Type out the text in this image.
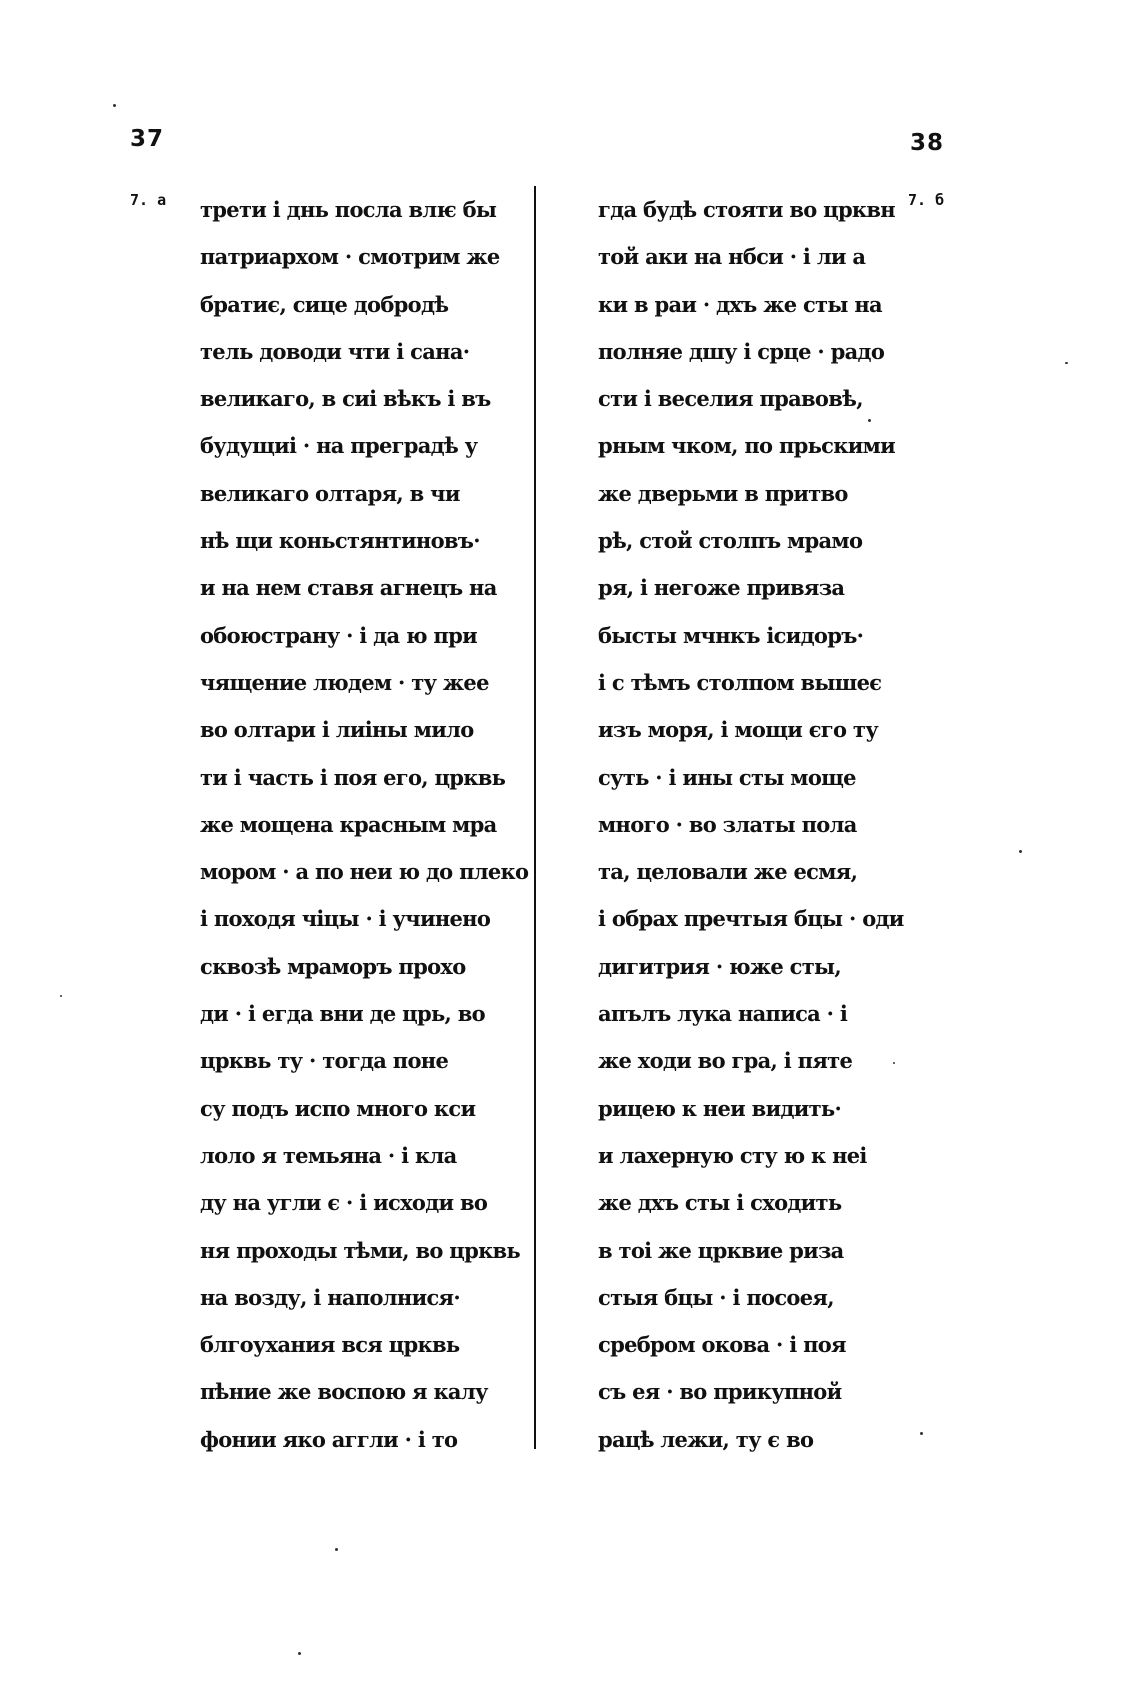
37	38
7. а	7. б
трети і днь посла влѥ бы
патриархом · смотрим же
братиє, сице добродѣ
тель доводи чти і сана·
великаго, в сиі вѣкъ і въ
будущиі · на преградѣ у
великаго олтаря, в чи
нѣ щи коньстянтиновъ·
и на нем ставя агнецъ на
обоюстрану · і да ю при
чящение людем · ту жее
во олтари і лиіны мило
ти і часть і поя его, црквь
же мощена красным мра
мором · а по неи ю до плеко
і походя чіцы · і учинено
сквозѣ мраморъ прохо
ди · і егда вни де црь, во
црквь ту · тогда поне
су подъ испо много кси
лоло я темьяна · і кла
ду на угли є · і исходи во
ня проходы тѣми, во црквь
на возду, і наполнися·
блгоухания вся црквь
пѣние же воспою я калу
фонии яко аггли · і то
гда будѣ стояти во црквн
той аки на нбси · і ли а
ки в раи · дхъ же сты на
полняе дшу і срце · радо
сти і веселия правовѣ,
рным чком, по прьскими
же дверьми в притво
рѣ, стой столпъ мрамо
ря, і негоже привяза
бысты мчнкъ ісидоръ·
і с тѣмъ столпом вышеє
изъ моря, і мощи єго ту
суть · і ины сты моще
много · во златы пола
та, целовали же есмя,
і обрах пречтыя бцы · оди
дигитрия · юже сты,
апълъ лука написа · і
же ходи во гра, і пяте
рицею к неи видить·
и лахерную сту ю к неі
же дхъ сты і сходить
в тоі же црквие риза
стыя бцы · і посоея,
сребром окова · і поя
съ ея · во прикупной
рацѣ лежи, ту є во
